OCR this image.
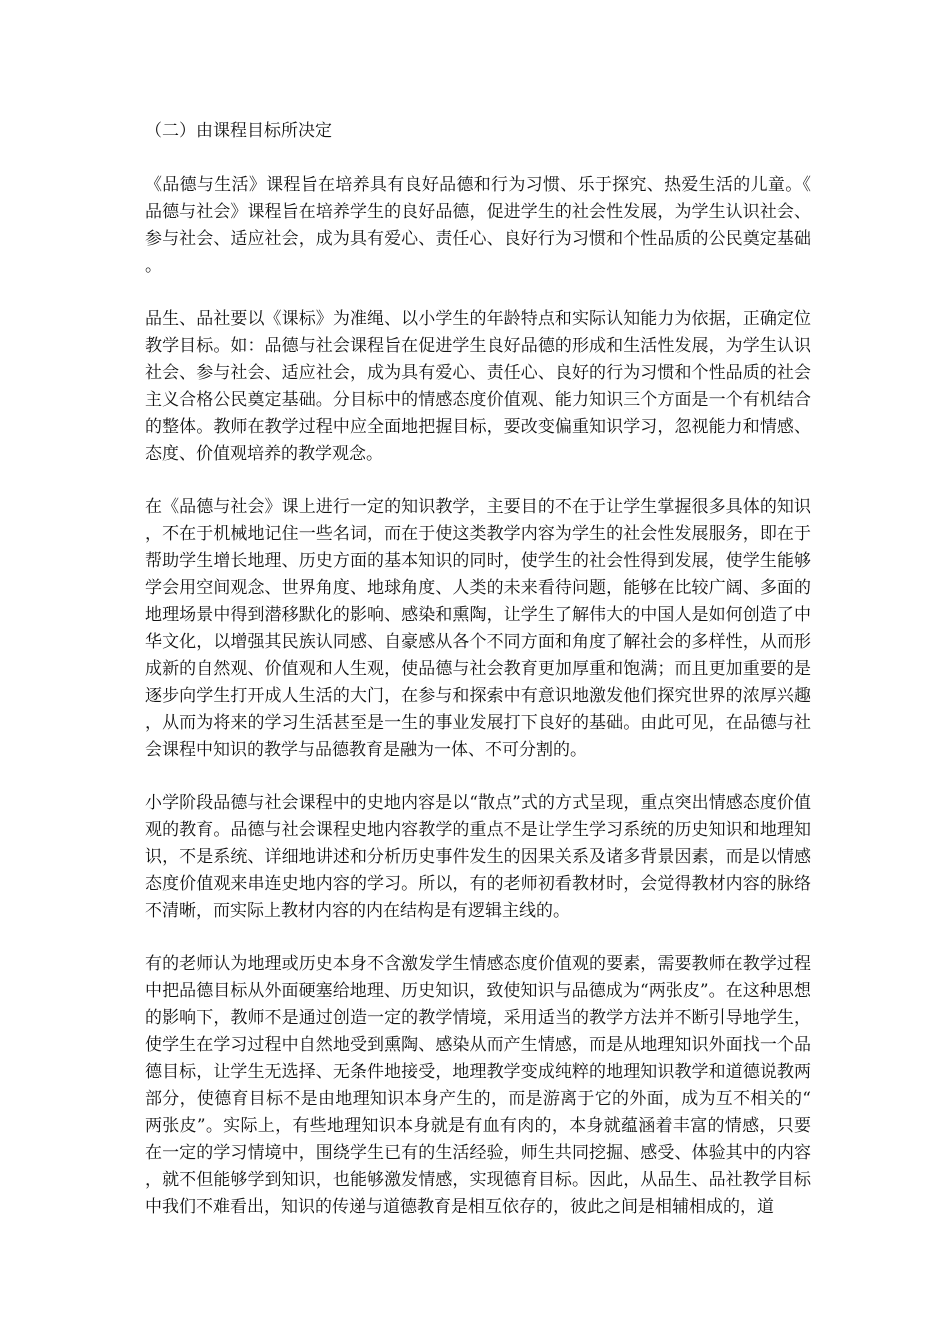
（二）由课程目标所决定

《品德与生活》课程旨在培养具有良好品德和行为习惯、乐于探究、热爱生活的儿童。《品德与社会》课程旨在培养学生的良好品德，促进学生的社会性发展，为学生认识社会、参与社会、适应社会，成为具有爱心、责任心、良好行为习惯和个性品质的公民奠定基础。

品生、品社要以《课标》为准绳、以小学生的年龄特点和实际认知能力为依据，正确定位教学目标。如：品德与社会课程旨在促进学生良好品德的形成和生活性发展，为学生认识社会、参与社会、适应社会，成为具有爱心、责任心、良好的行为习惯和个性品质的社会主义合格公民奠定基础。分目标中的情感态度价值观、能力知识三个方面是一个有机结合的整体。教师在教学过程中应全面地把握目标，要改变偏重知识学习，忽视能力和情感、态度、价值观培养的教学观念。

在《品德与社会》课上进行一定的知识教学，主要目的不在于让学生掌握很多具体的知识，不在于机械地记住一些名词，而在于使这类教学内容为学生的社会性发展服务，即在于帮助学生增长地理、历史方面的基本知识的同时，使学生的社会性得到发展，使学生能够学会用空间观念、世界角度、地球角度、人类的未来看待问题，能够在比较广阔、多面的地理场景中得到潜移默化的影响、感染和熏陶，让学生了解伟大的中国人是如何创造了中华文化，以增强其民族认同感、自豪感从各个不同方面和角度了解社会的多样性，从而形成新的自然观、价值观和人生观，使品德与社会教育更加厚重和饱满；而且更加重要的是逐步向学生打开成人生活的大门，在参与和探索中有意识地激发他们探究世界的浓厚兴趣，从而为将来的学习生活甚至是一生的事业发展打下良好的基础。由此可见，在品德与社会课程中知识的教学与品德教育是融为一体、不可分割的。

小学阶段品德与社会课程中的史地内容是以“散点”式的方式呈现，重点突出情感态度价值观的教育。品德与社会课程史地内容教学的重点不是让学生学习系统的历史知识和地理知识，不是系统、详细地讲述和分析历史事件发生的因果关系及诸多背景因素，而是以情感态度价值观来串连史地内容的学习。所以，有的老师初看教材时，会觉得教材内容的脉络不清晰，而实际上教材内容的内在结构是有逻辑主线的。

有的老师认为地理或历史本身不含激发学生情感态度价值观的要素，需要教师在教学过程中把品德目标从外面硬塞给地理、历史知识，致使知识与品德成为“两张皮”。在这种思想的影响下，教师不是通过创造一定的教学情境，采用适当的教学方法并不断引导地学生，使学生在学习过程中自然地受到熏陶、感染从而产生情感，而是从地理知识外面找一个品德目标，让学生无选择、无条件地接受，地理教学变成纯粹的地理知识教学和道德说教两部分，使德育目标不是由地理知识本身产生的，而是游离于它的外面，成为互不相关的“两张皮”。实际上，有些地理知识本身就是有血有肉的，本身就蕴涵着丰富的情感，只要在一定的学习情境中，围绕学生已有的生活经验，师生共同挖掘、感受、体验其中的内容，就不但能够学到知识，也能够激发情感，实现德育目标。因此，从品生、品社教学目标中我们不难看出，知识的传递与道德教育是相互依存的，彼此之间是相辅相成的，道
